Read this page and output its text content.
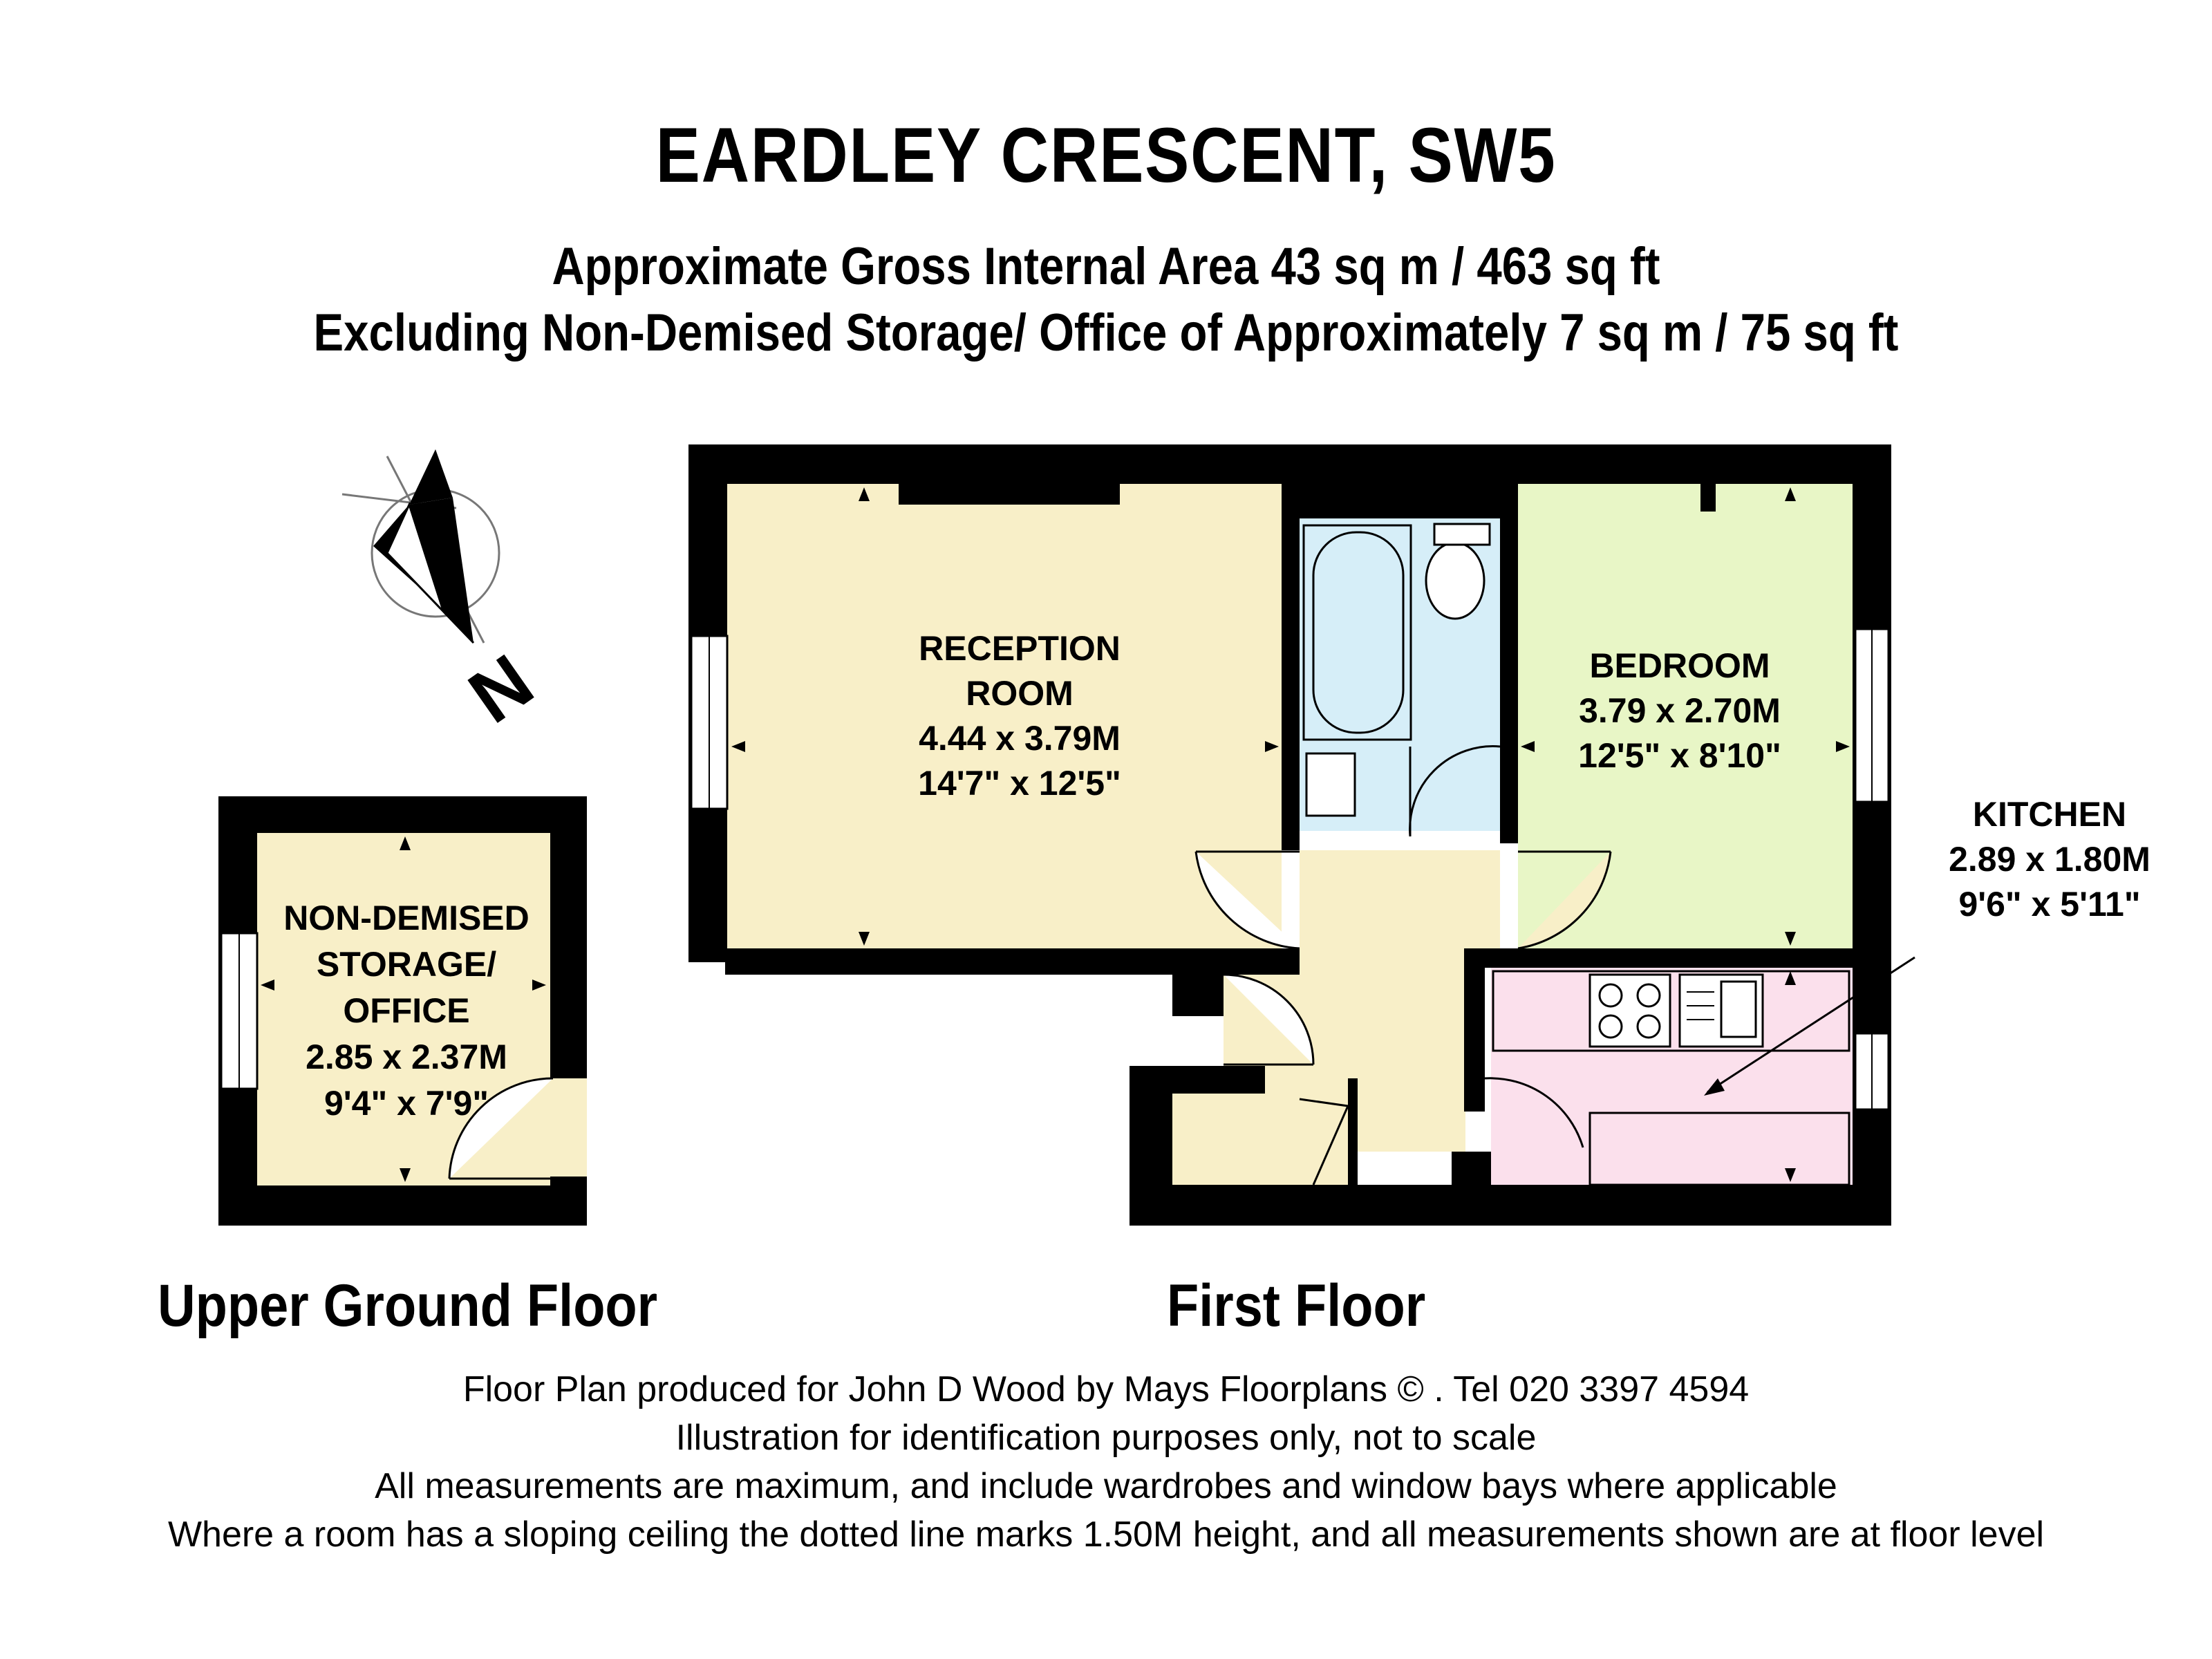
EARDLEY CRESCENT, SW5
Approximate Gross Internal Area 43 sq m / 463 sq ft
Excluding Non-Demised Storage/ Office of Approximately 7 sq m / 75 sq ft
N	RECEPTION
ROOM
4.44 x 3.79M
14'7" x 12'5"
BEDROOM
3.79 x 2.70M
12'5" x 8'10"
KITCHEN
2.89 x 1.80M
9'6" x 5'11"
NON-DEMISED
STORAGE/
OFFICE
2.85 x 2.37M
9'4" x 7'9"
Upper Ground Floor	First Floor
Floor Plan produced for John D Wood by Mays Floorplans © . Tel 020 3397 4594
Illustration for identification purposes only, not to scale
All measurements are maximum, and include wardrobes and window bays where applicable
Where a room has a sloping ceiling the dotted line marks 1.50M height, and all measurements shown are at floor level
